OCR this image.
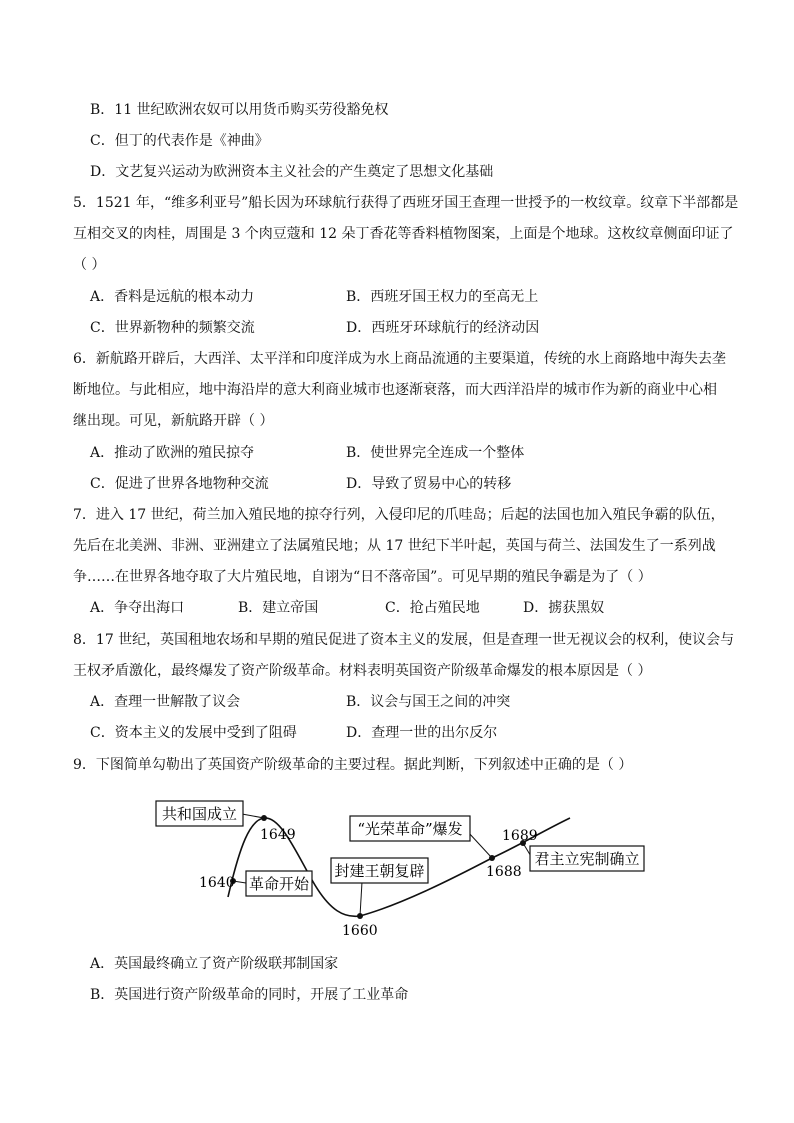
B．11 世纪欧洲农奴可以用货币购买劳役豁免权
C．但丁的代表作是《神曲》
D．文艺复兴运动为欧洲资本主义社会的产生奠定了思想文化基础
5．1521 年，“维多利亚号”船长因为环球航行获得了西班牙国王查理一世授予的一枚纹章。纹章下半部都是
互相交叉的肉桂，周围是 3 个肉豆蔻和 12 朵丁香花等香料植物图案，上面是个地球。这枚纹章侧面印证了
（ ）
A．香料是远航的根本动力	B．西班牙国王权力的至高无上
C．世界新物种的频繁交流	D．西班牙环球航行的经济动因
6．新航路开辟后，大西洋、太平洋和印度洋成为水上商品流通的主要渠道，传统的水上商路地中海失去垄
断地位。与此相应，地中海沿岸的意大利商业城市也逐渐衰落，而大西洋沿岸的城市作为新的商业中心相
继出现。可见，新航路开辟（ ）
A．推动了欧洲的殖民掠夺	B．使世界完全连成一个整体
C．促进了世界各地物种交流	D．导致了贸易中心的转移
7．进入 17 世纪，荷兰加入殖民地的掠夺行列，入侵印尼的爪哇岛；后起的法国也加入殖民争霸的队伍，
先后在北美洲、非洲、亚洲建立了法属殖民地；从 17 世纪下半叶起，英国与荷兰、法国发生了一系列战
争……在世界各地夺取了大片殖民地，自诩为“日不落帝国”。可见早期的殖民争霸是为了（ ）
A．争夺出海口	B．建立帝国	C．抢占殖民地	D．掳获黑奴
8．17 世纪，英国租地农场和早期的殖民促进了资本主义的发展，但是查理一世无视议会的权利，使议会与
王权矛盾激化，最终爆发了资产阶级革命。材料表明英国资产阶级革命爆发的根本原因是（ ）
A．查理一世解散了议会	B．议会与国王之间的冲突
C．资本主义的发展中受到了阻碍	D．查理一世的出尔反尔
9．下图简单勾勒出了英国资产阶级革命的主要过程。据此判断，下列叙述中正确的是（ ）
共和国成立
革命开始
封建王朝复辟
“光荣革命”爆发
君主立宪制确立
1640
1649
1660
1688
1689
A．英国最终确立了资产阶级联邦制国家
B．英国进行资产阶级革命的同时，开展了工业革命
